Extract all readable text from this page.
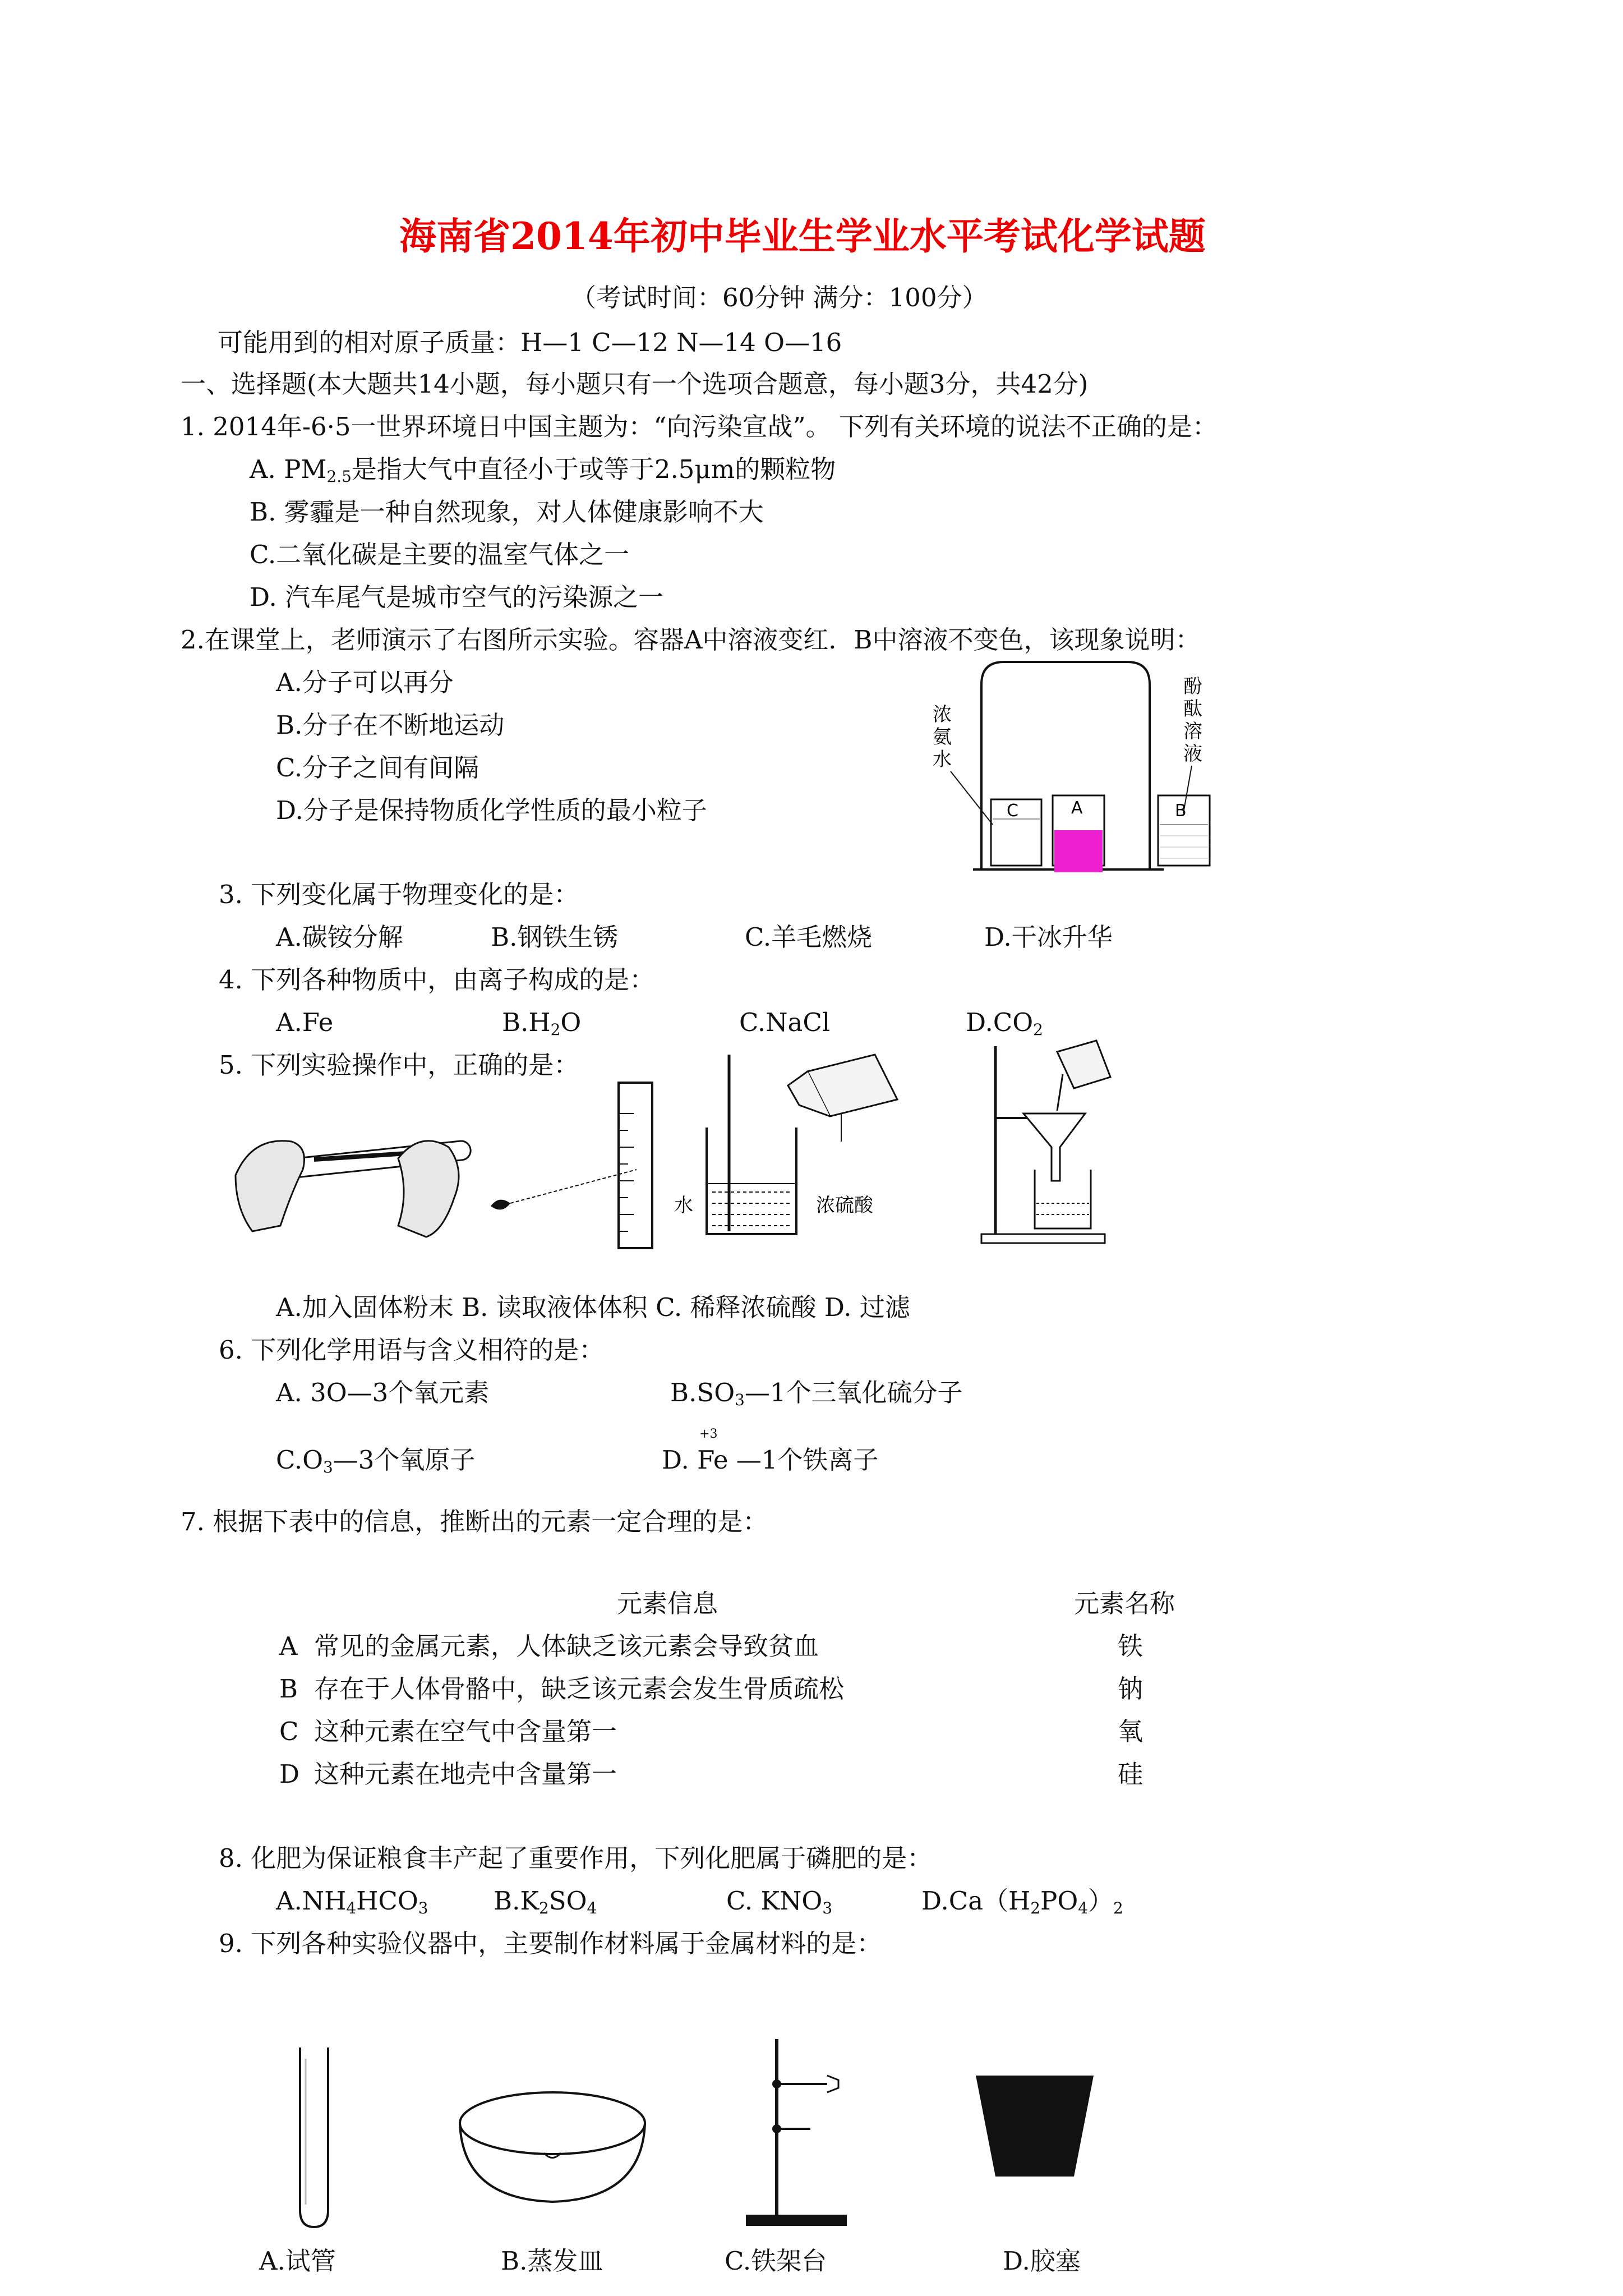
海南省2014年初中毕业生学业水平考试化学试题
（考试时间：60分钟 满分：100分）
可能用到的相对原子质量：H—1 C—12 N—14 O—16
一、选择题(本大题共14小题，每小题只有一个选项合题意，每小题3分，共42分)
1. 2014年-6·5一世界环境日中国主题为：“向污染宣战”。 下列有关环境的说法不正确的是：
A. $PM_{2.5}$是指大气中直径小于或等于2.5μm的颗粒物
B. 雾霾是一种自然现象，对人体健康影响不大
C.二氧化碳是主要的温室气体之一
D. 汽车尾气是城市空气的污染源之一
2.在课堂上，老师演示了右图所示实验。容器A中溶液变红．B中溶液不变色，该现象说明：
A.分子可以再分
B.分子在不断地运动
C.分子之间有间隔
D.分子是保持物质化学性质的最小粒子
浓
氨
水
酚
酞
溶
液
C	A	B
3. 下列变化属于物理变化的是：
A.碳铵分解	B.钢铁生锈	C.羊毛燃烧	D.干冰升华
4. 下列各种物质中，由离子构成的是：
A.Fe	$B.H_2O$	C.NaCl	$D.CO_2$
5. 下列实验操作中，正确的是：
水	浓硫酸
A.加入固体粉末 B. 读取液体体积 C. 稀释浓硫酸 D. 过滤
6. 下列化学用语与含义相符的是：
A. 3O—3个氧元素	$B.SO_3—1$个三氧化硫分子
$C.O_3—3$个氧原子	D.
+3
Fe —1个铁离子
7. 根据下表中的信息，推断出的元素一定合理的是：
元素信息	元素名称
A 常见的金属元素，人体缺乏该元素会导致贫血	铁
B 存在于人体骨骼中，缺乏该元素会发生骨质疏松	钠
C 这种元素在空气中含量第一	氧
D 这种元素在地壳中含量第一	硅
8. 化肥为保证粮食丰产起了重要作用，下列化肥属于磷肥的是：
$A.NH_4HCO_3$	$B.K_2SO_4$	C. $KNO_3$	$D.Ca(H_2PO_4)_2$
9. 下列各种实验仪器中，主要制作材料属于金属材料的是：
A.试管	B.蒸发皿	C.铁架台	D.胶塞
